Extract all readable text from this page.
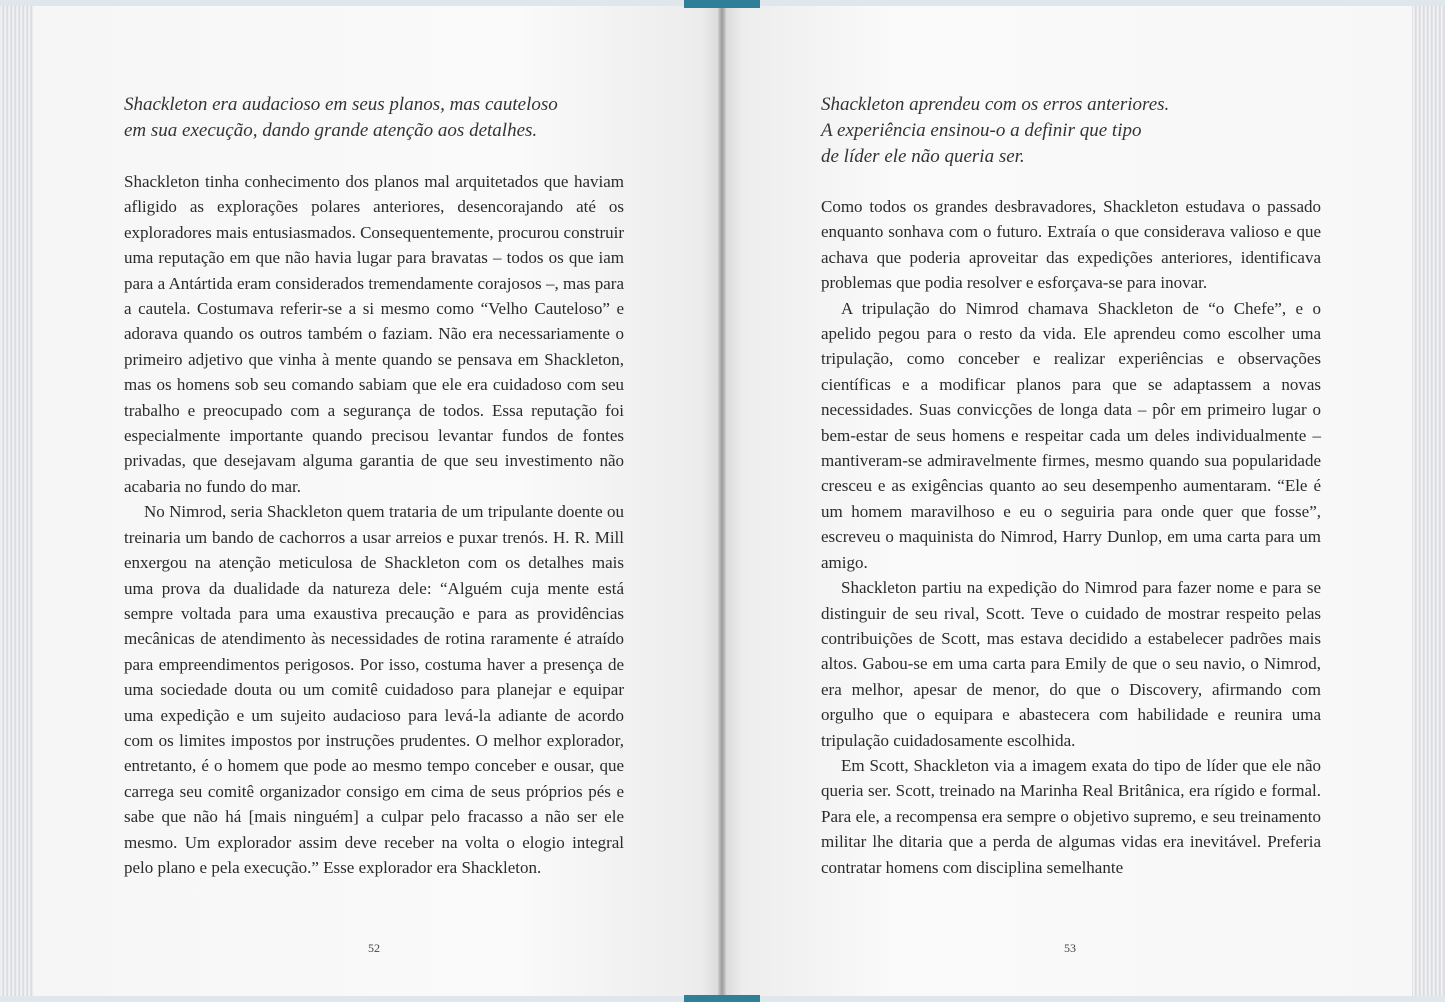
Shackleton era audacioso em seus planos, mas cauteloso
em sua execução, dando grande atenção aos detalhes.

Shackleton tinha conhecimento dos planos mal arquitetados que haviam afligido as explorações polares anteriores, desencorajando até os exploradores mais entusiasmados. Consequentemente, procurou construir uma reputação em que não havia lugar para bravatas – todos os que iam para a Antártida eram considerados tremendamente corajosos –, mas para a cautela. Costumava referir-se a si mesmo como “Velho Cauteloso” e adorava quando os outros também o faziam. Não era necessariamente o primeiro adjetivo que vinha à mente quando se pensava em Shackleton, mas os homens sob seu comando sabiam que ele era cuidadoso com seu trabalho e preocupado com a segurança de todos. Essa reputação foi especialmente importante quando precisou levantar fundos de fontes privadas, que desejavam alguma garantia de que seu investimento não acabaria no fundo do mar.

No Nimrod, seria Shackleton quem trataria de um tripulante doente ou treinaria um bando de cachorros a usar arreios e puxar trenós. H. R. Mill enxergou na atenção meticulosa de Shackleton com os detalhes mais uma prova da dualidade da natureza dele: “Alguém cuja mente está sempre voltada para uma exaustiva precaução e para as providências mecânicas de atendimento às necessidades de rotina raramente é atraído para empreendimentos perigosos. Por isso, costuma haver a presença de uma sociedade douta ou um comitê cuidadoso para planejar e equipar uma expedição e um sujeito audacioso para levá-la adiante de acordo com os limites impostos por instruções prudentes. O melhor explorador, entretanto, é o homem que pode ao mesmo tempo conceber e ousar, que carrega seu comitê organizador consigo em cima de seus próprios pés e sabe que não há [mais ninguém] a culpar pelo fracasso a não ser ele mesmo. Um explorador assim deve receber na volta o elogio integral pelo plano e pela execução.” Esse explorador era Shackleton.

52
Shackleton aprendeu com os erros anteriores.
A experiência ensinou-o a definir que tipo
de líder ele não queria ser.

Como todos os grandes desbravadores, Shackleton estudava o passado enquanto sonhava com o futuro. Extraía o que considerava valioso e que achava que poderia aproveitar das expedições anteriores, identificava problemas que podia resolver e esforçava-se para inovar.

A tripulação do Nimrod chamava Shackleton de “o Chefe”, e o apelido pegou para o resto da vida. Ele aprendeu como escolher uma tripulação, como conceber e realizar experiências e observações científicas e a modificar planos para que se adaptassem a novas necessidades. Suas convicções de longa data – pôr em primeiro lugar o bem-estar de seus homens e respeitar cada um deles individualmente – mantiveram-se admiravelmente firmes, mesmo quando sua popularidade cresceu e as exigências quanto ao seu desempenho aumentaram. “Ele é um homem maravilhoso e eu o seguiria para onde quer que fosse”, escreveu o maquinista do Nimrod, Harry Dunlop, em uma carta para um amigo.

Shackleton partiu na expedição do Nimrod para fazer nome e para se distinguir de seu rival, Scott. Teve o cuidado de mostrar respeito pelas contribuições de Scott, mas estava decidido a estabelecer padrões mais altos. Gabou-se em uma carta para Emily de que o seu navio, o Nimrod, era melhor, apesar de menor, do que o Discovery, afirmando com orgulho que o equipara e abastecera com habilidade e reunira uma tripulação cuidadosamente escolhida.

Em Scott, Shackleton via a imagem exata do tipo de líder que ele não queria ser. Scott, treinado na Marinha Real Britânica, era rígido e formal. Para ele, a recompensa era sempre o objetivo supremo, e seu treinamento militar lhe ditaria que a perda de algumas vidas era inevitável. Preferia contratar homens com disciplina semelhante

53
